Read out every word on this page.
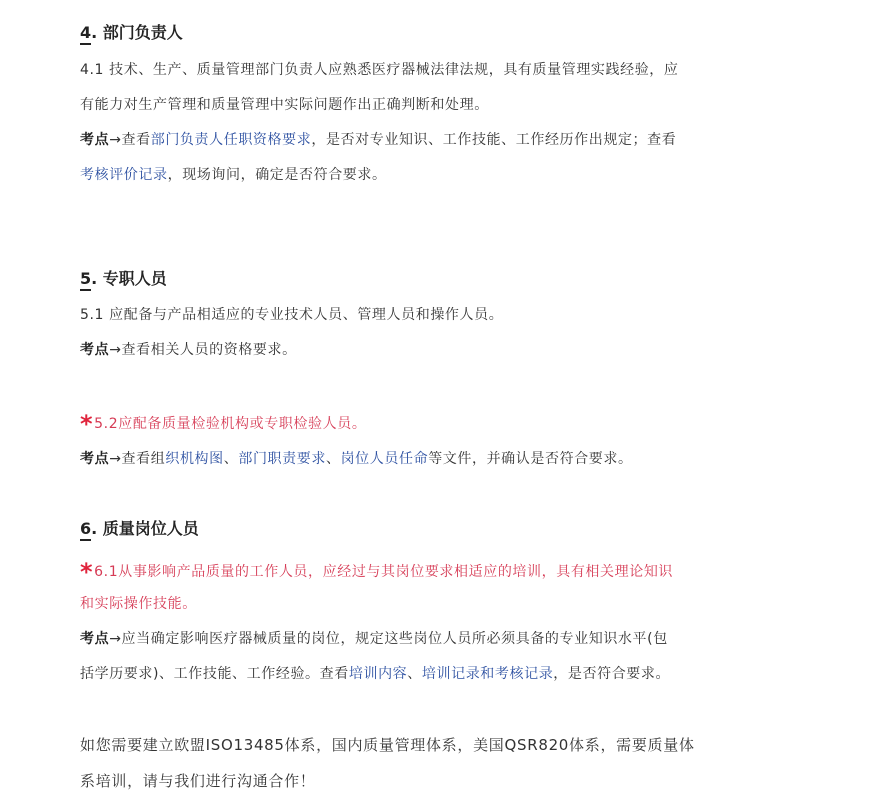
4. 部门负责人
4.1 技术、生产、质量管理部门负责人应熟悉医疗器械法律法规，具有质量管理实践经验，应
有能力对生产管理和质量管理中实际问题作出正确判断和处理。
考点→查看部门负责人任职资格要求，是否对专业知识、工作技能、工作经历作出规定；查看
考核评价记录，现场询问，确定是否符合要求。
5. 专职人员
5.1 应配备与产品相适应的专业技术人员、管理人员和操作人员。
考点→查看相关人员的资格要求。
*5.2应配备质量检验机构或专职检验人员。
考点→查看组织机构图、部门职责要求、岗位人员任命等文件，并确认是否符合要求。
6. 质量岗位人员
*6.1从事影响产品质量的工作人员，应经过与其岗位要求相适应的培训，具有相关理论知识
和实际操作技能。
考点→应当确定影响医疗器械质量的岗位，规定这些岗位人员所必须具备的专业知识水平(包
括学历要求)、工作技能、工作经验。查看培训内容、培训记录和考核记录，是否符合要求。
如您需要建立欧盟ISO13485体系，国内质量管理体系，美国QSR820体系，需要质量体
系培训，请与我们进行沟通合作！
